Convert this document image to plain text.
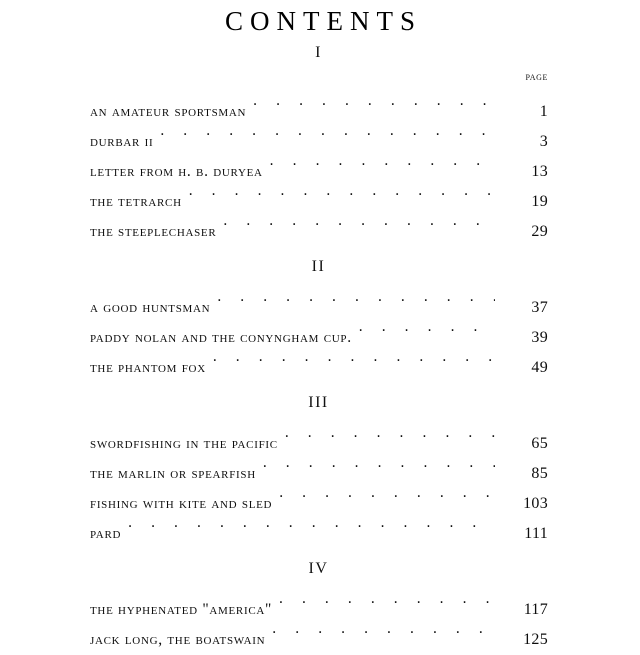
CONTENTS
I
page
an amateur sportsman . .	1
durbar ii . .	3
letter from h. b. duryea . .	13
the tetrarch . .	19
the steeplechaser . .	29
II
a good huntsman . .	37
paddy nolan and the conyngham cup. . .	39
the phantom fox . .	49
III
swordfishing in the pacific . .	65
the marlin or spearfish . .	85
fishing with kite and sled . .	103
pard . .	111
IV
the hyphenated "america" . .	117
jack long, the boatswain . .	125
